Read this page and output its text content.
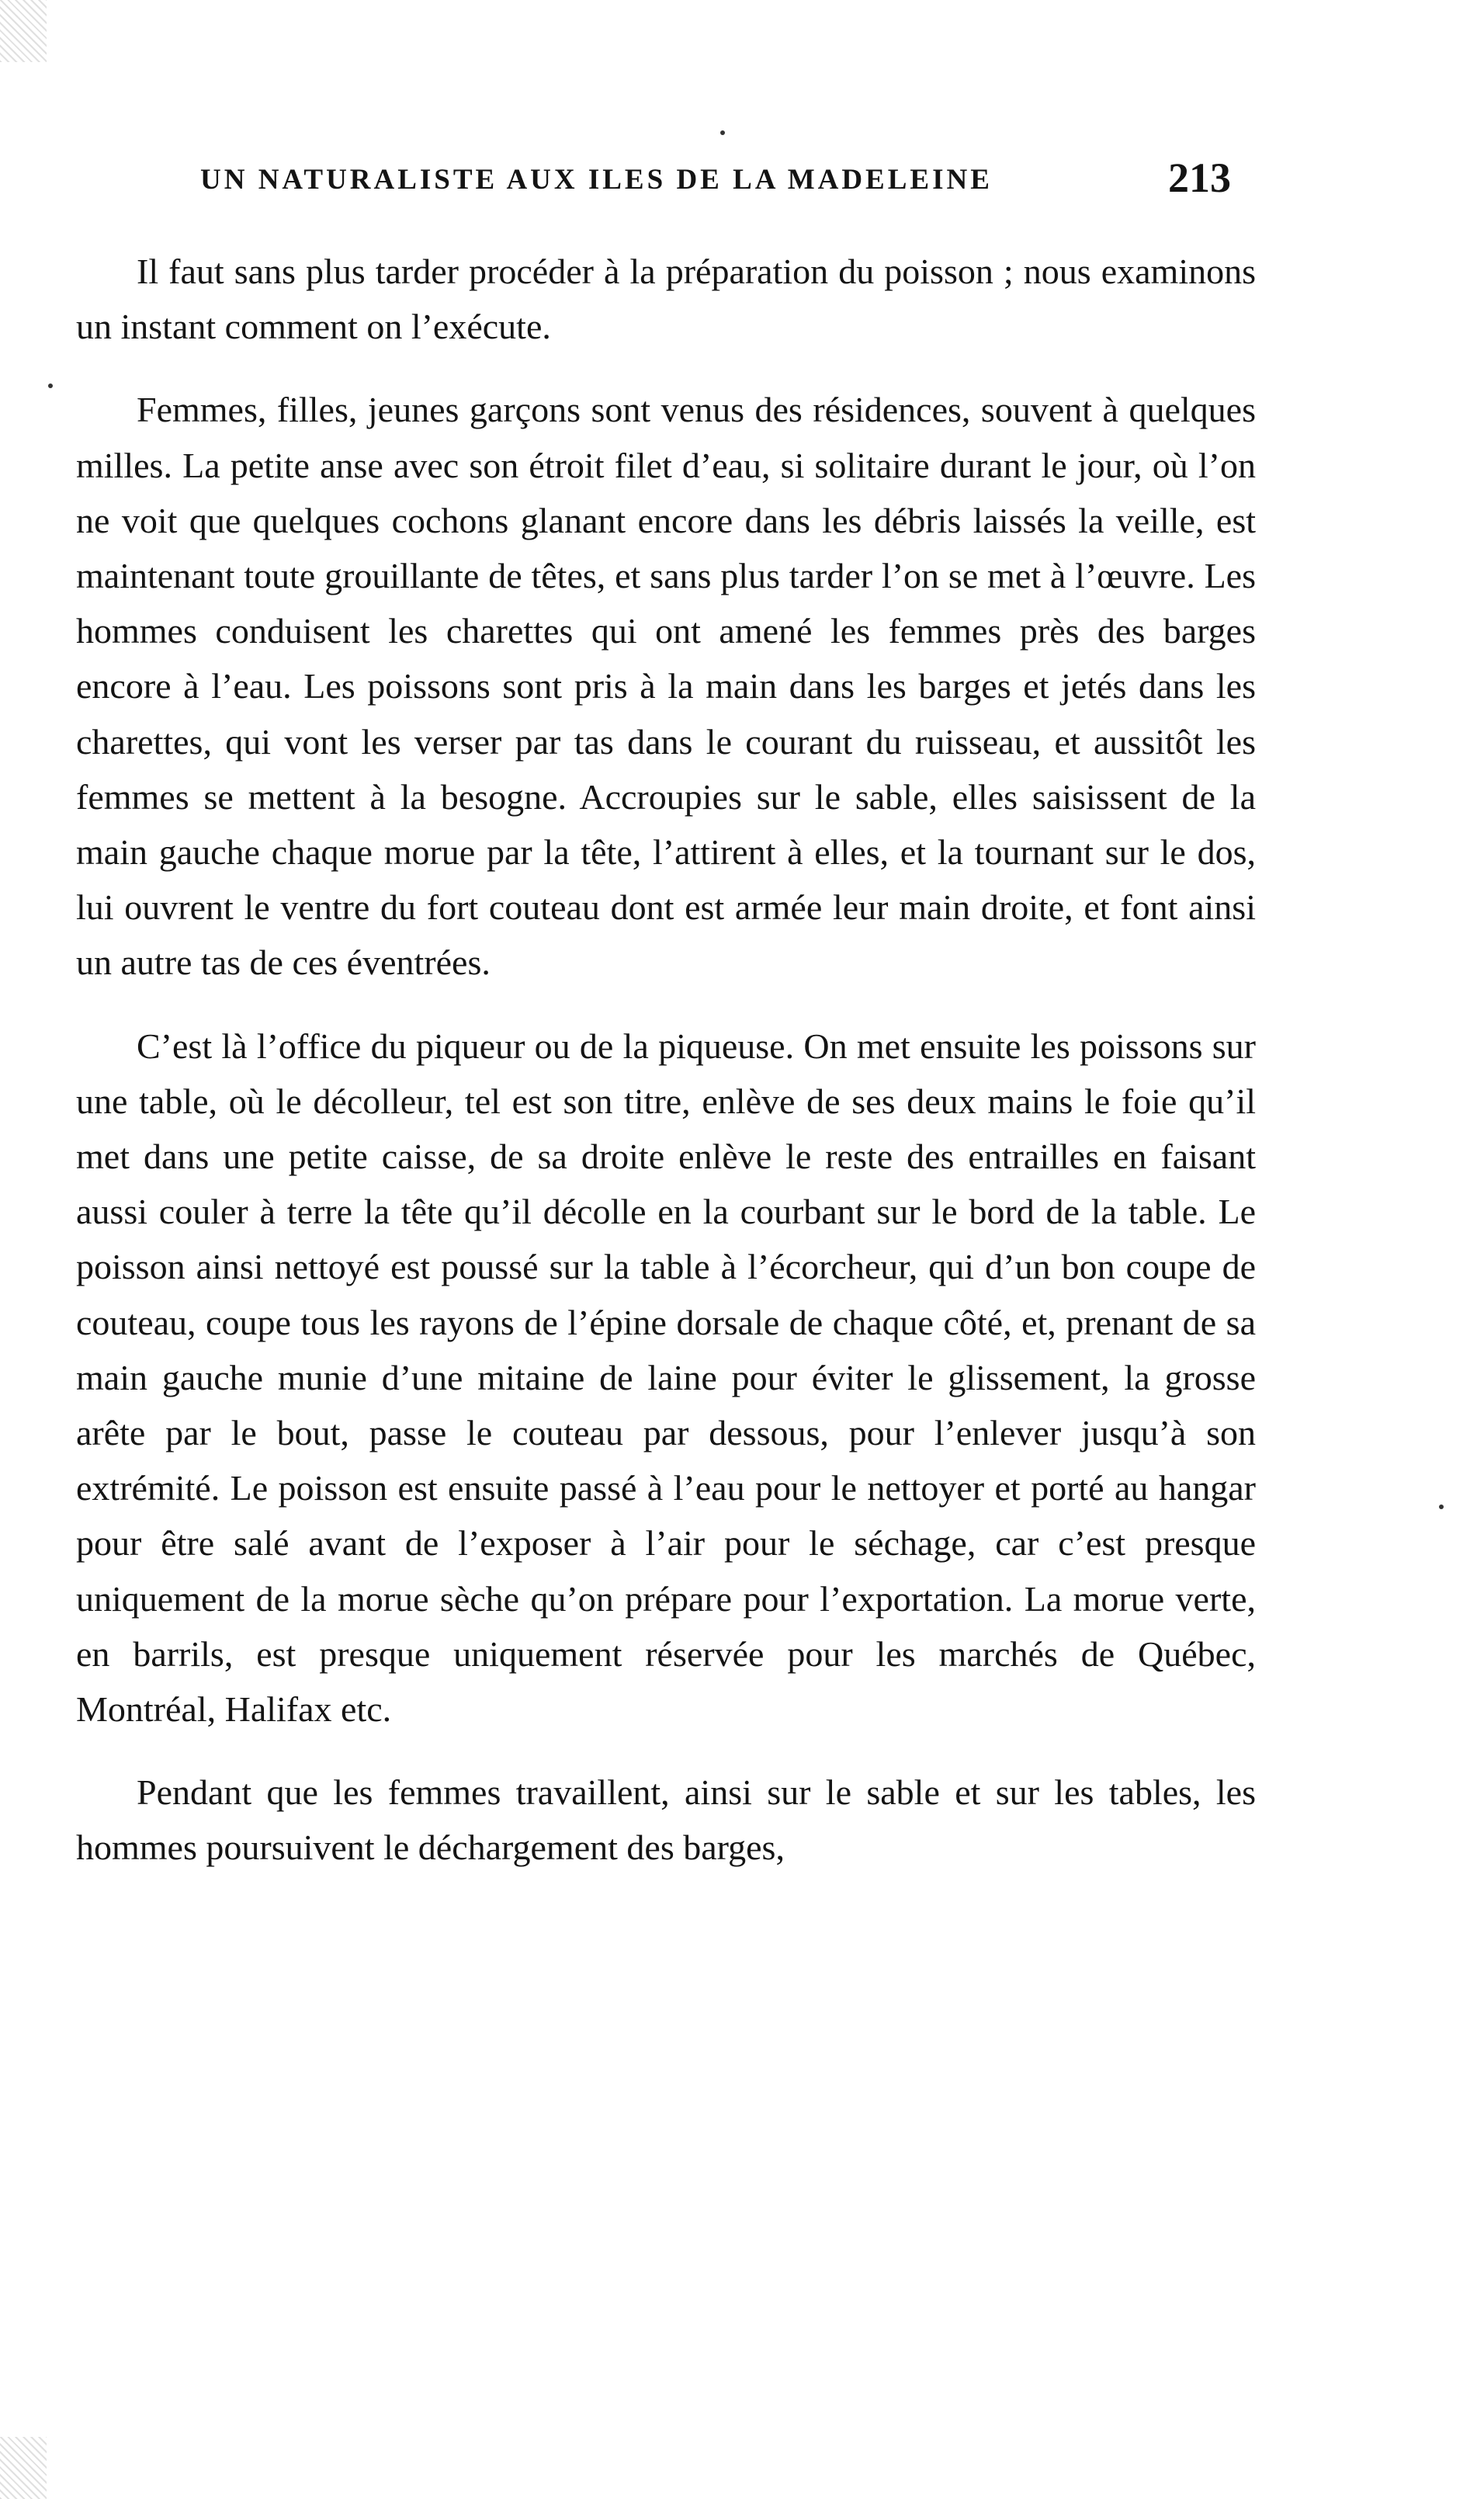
UN NATURALISTE AUX ILES DE LA MADELEINE	213

Il faut sans plus tarder procéder à la préparation du poisson ; nous examinons un instant comment on l’exécute.

Femmes, filles, jeunes garçons sont venus des résidences, souvent à quelques milles. La petite anse avec son étroit filet d’eau, si solitaire durant le jour, où l’on ne voit que quelques cochons glanant encore dans les débris laissés la veille, est maintenant toute grouillante de têtes, et sans plus tarder l’on se met à l’œuvre. Les hommes conduisent les charettes qui ont amené les femmes près des barges encore à l’eau. Les poissons sont pris à la main dans les barges et jetés dans les charettes, qui vont les verser par tas dans le courant du ruisseau, et aussitôt les femmes se mettent à la besogne. Accroupies sur le sable, elles saisissent de la main gauche chaque morue par la tête, l’attirent à elles, et la tournant sur le dos, lui ouvrent le ventre du fort couteau dont est armée leur main droite, et font ainsi un autre tas de ces éventrées.

C’est là l’office du piqueur ou de la piqueuse. On met ensuite les poissons sur une table, où le décolleur, tel est son titre, enlève de ses deux mains le foie qu’il met dans une petite caisse, de sa droite enlève le reste des entrailles en faisant aussi couler à terre la tête qu’il décolle en la courbant sur le bord de la table. Le poisson ainsi nettoyé est poussé sur la table à l’écorcheur, qui d’un bon coupe de couteau, coupe tous les rayons de l’épine dorsale de chaque côté, et, prenant de sa main gauche munie d’une mitaine de laine pour éviter le glissement, la grosse arête par le bout, passe le couteau par dessous, pour l’enlever jusqu’à son extrémité. Le poisson est ensuite passé à l’eau pour le nettoyer et porté au hangar pour être salé avant de l’exposer à l’air pour le séchage, car c’est presque uniquement de la morue sèche qu’on prépare pour l’exportation. La morue verte, en barrils, est presque uniquement réservée pour les marchés de Québec, Montréal, Halifax etc.

Pendant que les femmes travaillent, ainsi sur le sable et sur les tables, les hommes poursuivent le déchargement des barges,
